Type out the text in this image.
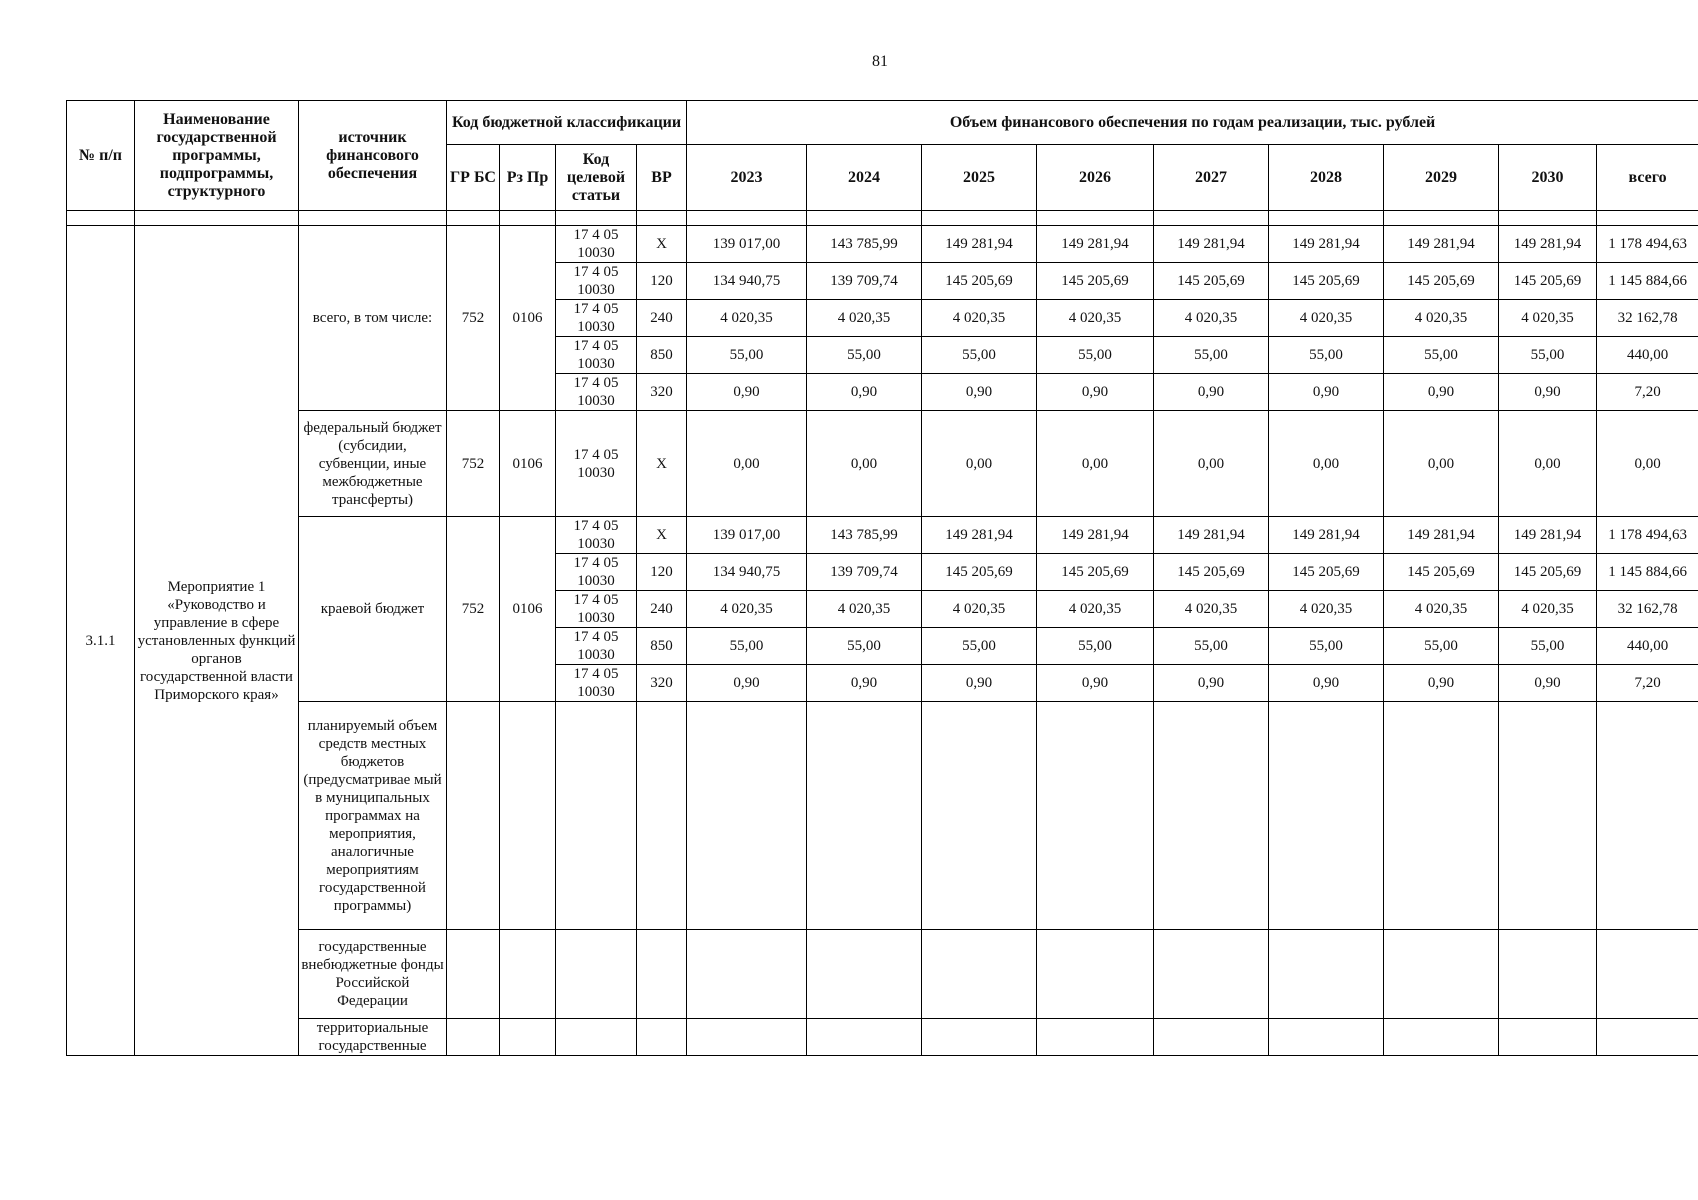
81
№ п/п	Наименование государственной программы, подпрограммы, структурного	источник финансового обеспечения	Код бюджетной классификации				Объем финансового обеспечения по годам реализации, тыс. рублей								
			ГР БС	Рз Пр	Код целевой статьи	ВР	2023	2024	2025	2026	2027	2028	2029	2030	всего

3.1.1	Мероприятие 1 «Руководство и управление в сфере установленных функций органов государственной власти Приморского края»	всего, в том числе:	752	0106	17 4 05 10030	X	139 017,00	143 785,99	149 281,94	149 281,94	149 281,94	149 281,94	149 281,94	149 281,94	1 178 494,63
					17 4 05 10030	120	134 940,75	139 709,74	145 205,69	145 205,69	145 205,69	145 205,69	145 205,69	145 205,69	1 145 884,66
					17 4 05 10030	240	4 020,35	4 020,35	4 020,35	4 020,35	4 020,35	4 020,35	4 020,35	4 020,35	32 162,78
					17 4 05 10030	850	55,00	55,00	55,00	55,00	55,00	55,00	55,00	55,00	440,00
					17 4 05 10030	320	0,90	0,90	0,90	0,90	0,90	0,90	0,90	0,90	7,20
		федеральный бюджет (субсидии, субвенции, иные межбюджетные трансферты)	752	0106	17 4 05 10030	X	0,00	0,00	0,00	0,00	0,00	0,00	0,00	0,00	0,00
		краевой бюджет	752	0106	17 4 05 10030	X	139 017,00	143 785,99	149 281,94	149 281,94	149 281,94	149 281,94	149 281,94	149 281,94	1 178 494,63
					17 4 05 10030	120	134 940,75	139 709,74	145 205,69	145 205,69	145 205,69	145 205,69	145 205,69	145 205,69	1 145 884,66
					17 4 05 10030	240	4 020,35	4 020,35	4 020,35	4 020,35	4 020,35	4 020,35	4 020,35	4 020,35	32 162,78
					17 4 05 10030	850	55,00	55,00	55,00	55,00	55,00	55,00	55,00	55,00	440,00
					17 4 05 10030	320	0,90	0,90	0,90	0,90	0,90	0,90	0,90	0,90	7,20
		планируемый объем средств местных бюджетов (предусматривае мый в муниципальных программах на мероприятия, аналогичные мероприятиям государственной программы)													
		государственные внебюджетные фонды Российской Федерации													
		территориальные государственные													
